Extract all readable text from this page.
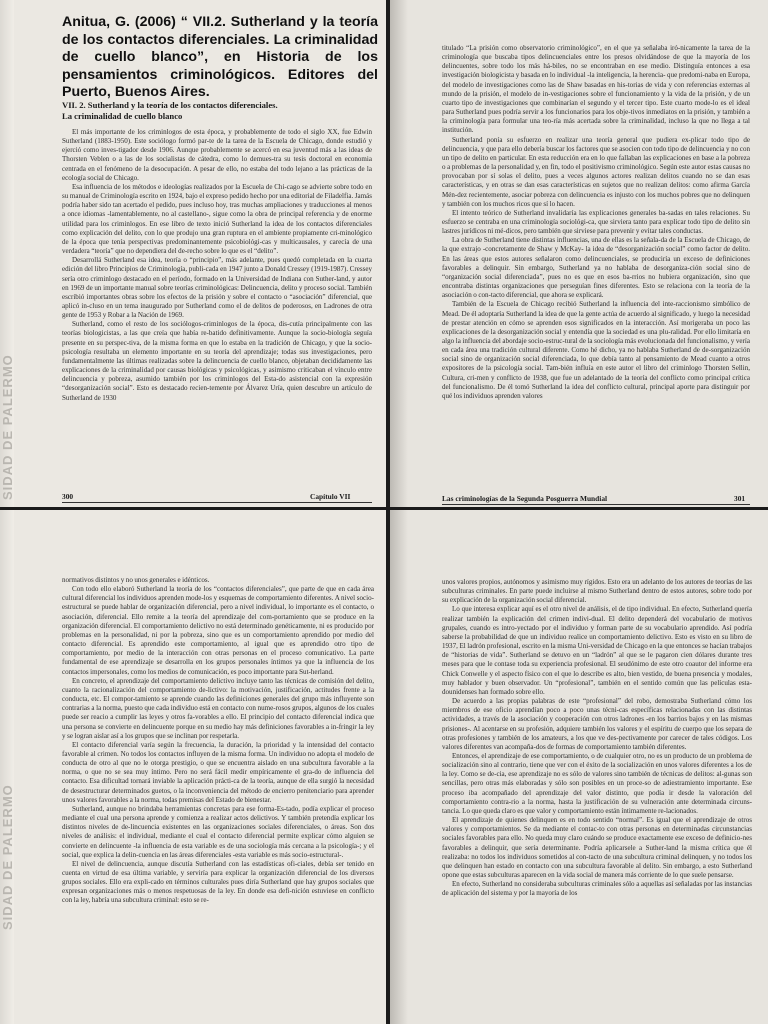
SIDAD DE PALERMO
Anitua, G. (2006) “ VII.2. Sutherland y la teoría de los contactos diferenciales. La criminalidad de cuello blanco”, en Historia de los pensamientos criminológicos. Editores del Puerto, Buenos Aires.
VII. 2. Sutherland y la teoría de los contactos diferenciales.
La criminalidad de cuello blanco

El más importante de los criminlogos de esta época, y probablemente de todo el siglo XX, fue Edwin Sutherland (1883-1950). Este sociólogo formó par-te de la tarea de la Escuela de Chicago, donde estudió y ejerció como inves-tigador desde 1906. Aunque probablemente se acercó en esa juventud más a las ideas de Thorsten Veblen o a las de los socialistas de cátedra, como lo demues-tra su tesis doctoral en economia centrada en el fenómeno de la desocupación. A pesar de ello, no estaba del todo lejano a las prácticas de la ecología social de Chicago.

Esa influencia de los métodos e ideologías realizados por la Escuela de Chi-cago se advierte sobre todo en su manual de Criminología escrito en 1924, bajo el expreso pedido hecho por una editorial de Filadelfia. Jamás podría haber sido tan acertado el pedido, pues incluso hoy, tras muchas ampliaciones y traducciones al menos a once idiomas -lamentablemente, no al castellano-, sigue como la obra de principal referencia y de enorme utilidad para los criminlogos. En ese libro de texto inició Sutherland la idea de los contactos diferenciales como explicación del delito, con lo que produjo una gran ruptura en el ambiente propiamente cri-minológico de la época que tenía perspectivas predominantemente psicobiológi-cas y multicausales, y carecía de una verdadera “teoría” que no dependiera del de-recho sobre lo que es el “delito”.

Desarrollá Sutherland esa idea, teoría o “principio”, más adelante, pues quedó completada en la cuarta edición del libro Principios de Criminología, publi-cada en 1947 junto a Donald Cressey (1919-1987). Cressey sería otro criminlogo destacado en el período, formado en la Universidad de Indiana con Suther-land, y autor en 1969 de un importante manual sobre teorías criminológicas: Delincuencia, delito y proceso social. También escribió importantes obras sobre los efectos de la prisión y sobre el contacto o “asociación” diferencial, que aplicó in-cluso en un tema inaugurado por Sutherland como el de delitos de poderosos, en Ladrones de otra gente de 1953 y Robar a la Nación de 1969.

Sutherland, como el resto de los sociólogos-criminlogos de la época, dis-cutía principalmente con las teorías biologicistas, a las que creía que había re-batido definitivamente. Aunque la socio-biología seguía presente en su perspec-tiva, de la misma forma en que lo estaba en la tradición de Chicago, y que la socio-psicología resultaba un elemento importante en su teoría del aprendizaje; todas sus investigaciones, pero fundamentalmente las últimas realizadas sobre la delincuencia de cuello blanco, objetaban decididamente las explicaciones de la criminalidad por causas biológicas y psicológicas, y asimismo criticaban el vínculo entre delincuencia y pobreza, asumido también por los criminlogos del Esta-do asistencial con la expresión “desorganización social”. Esto es destacado recien-temente por Álvarez Uría, quien descubre un artículo de Sutherland de 1930

300	Capítulo VII

titulado “La prisión como observatorio criminológico”, en el que ya señalaba iró-nicamente la tarea de la criminología que buscaba tipos delincuenciales entre los presos olvidándose de que la mayoría de los delincuentes, sobre todo los más há-biles, no se encontraban en ese medio. Distinguía entonces a esa investigación biologicista y basada en lo individual -la inteligencia, la herencia- que predomi-naba en Europa, del modelo de investigaciones como las de Shaw basadas en his-torias de vida y con referencias externas al mundo de la prisión, el modelo de in-vestigaciones sobre el funcionamiento y la vida de la prisión, y de un cuarto tipo de investigaciones que combinarían el segundo y el tercer tipo. Este cuarto mode-lo es el ideal para Sutherland pues podría servir a los funcionarios para los obje-tivos inmediatos en la prisión, y también a la criminología para formular una teo-ría más acertada sobre la criminalidad, incluso la que no llega a tal institución.

Sutherland ponía su esfuerzo en realizar una teoría general que pudiera ex-plicar todo tipo de delincuencia, y que para ello debería buscar los factores que se asocien con todo tipo de delincuencia y no con un tipo de delito en particular. En esta reducción era en lo que fallaban las explicaciones en base a la pobreza o a problemas de la personalidad y, en fin, todo el positivismo criminológico. Según este autor estas causas no provocaban por sí solas el delito, pues a veces algunos actores realizan delitos cuando no se dan esas características, y en otras se dan esas características en sujetos que no realizan delitos: como afirma García Mén-dez recientemente, asociar pobreza con delincuencia es injusto con los muchos pobres que no delinquen y también con los muchos ricos que sí lo hacen.

El intento teórico de Sutherland invalidaría las explicaciones generales ba-sadas en tales relaciones. Su esfuerzo se centraba en una criminología sociológi-ca, que sirviera tanto para explicar todo tipo de delito sin lastres jurídicos ni mé-dicos, pero también que sirviese para prevenir y evitar tales conductas.

La obra de Sutherland tiene distintas influencias, una de ellas es la señala-da de la Escuela de Chicago, de la que extrajo -concretamente de Shaw y McKay- la idea de “desorganización social” como factor de delito. En las áreas que estos autores señalaron como delincuenciales, se produciría un exceso de definiciones favorables a delinquir. Sin embargo, Sutherland ya no hablaba de desorganiza-ción social sino de “organización social diferenciada”, pues no es que en esos ba-rrios no hubiera organización, sino que encontraba distintas organizaciones que perseguían fines diferentes. Esto se relaciona con la teoría de la asociación o con-tacto diferencial, que ahora se explicará.

También de la Escuela de Chicago recibió Sutherland la influencia del inte-raccionismo simbólico de Mead. De él adoptaría Sutherland la idea de que la gente actúa de acuerdo al significado, y luego la necesidad de prestar atención en cómo se aprenden esos significados en la interacción. Así morigeraba un poco las explicaciones de la desorganización social y entendía que la sociedad es una plu-ralidad. Por ello limitaría en algo la influencia del abordaje socio-estruc-tural de la sociología más evolucionada del funcionalismo, y vería en cada área una tradición cultural diferente. Como hé dicho, ya no hablaba Sutherland de de-sorganización social sino de organización social diferenciada, lo que debía tanto al pensamiento de Mead cuanto a otros expositores de la psicología social. Tam-bién influía en este autor el libro del criminlogo Thorsten Sellin, Cultura, cri-men y conflicto de 1938, que fue un adelantado de la teoría del conflicto como principal crítica del funcionalismo. De él tomó Sutherland la idea del conflicto cultural, principal aporte para distinguir por qué los individuos aprenden valores

Las criminologías de la Segunda Posguerra Mundial	301
SIDAD DE PALERMO

normativos distintos y no unos generales e idénticos.

Con todo ello elaboró Sutherland la teoría de los “contactos diferenciales”, que parte de que en cada área cultural diferencial los individuos aprenden mode-los y esquemas de comportamiento diferentes. A nivel socio-estructural se puede hablar de organización diferencial, pero a nivel individual, lo importante es el contacto, o asociación, diferencial. Ello remite a la teoría del aprendizaje del com-portamiento que se produce en la organización diferencial. El comportamiento delictivo no está determinado genéticamente, ni es producido por problemas en la personalidad, ni por la pobreza, sino que es un comportamiento aprendido por medio del contacto diferencial. Es aprendido este comportamiento, al igual que es aprendido otro tipo de comportamiento, por medio de la interacción con otras personas en el proceso comunicativo. La parte fundamental de ese aprendizaje se desarrolla en los grupos personales íntimos ya que la influencia de los contactos impersonales, como los medios de comunicación, es poco importante para Sut-herland.

En concreto, el aprendizaje del comportamiento delictivo incluye tanto las técnicas de comisión del delito, cuanto la racionalización del comportamiento de-lictivo: la motivación, justificación, actitudes frente a la conducta, etc. El compor-tamiento se aprende cuando las definiciones generales del grupo más influyente son contrarias a la norma, puesto que cada individuo está en contacto con nume-rosos grupos, algunos de los cuales puede ser reacio a cumplir las leyes y otros fa-vorables a ello. El principio del contacto diferencial indica que una persona se convierte en delincuente porque en su medio hay más definiciones favorables a in-fringir la ley y se logran aislar así a los grupos que se inclinan por respetarla.

El contacto diferencial varía según la frecuencia, la duración, la prioridad y la intensidad del contacto favorable al crimen. No todos los contactos influyen de la misma forma. Un individuo no adopta el modelo de conducta de otro al que no le otorga prestigio, o que se encuentra aislado en una subcultura favorable a la norma, o que no se sea muy íntimo. Pero no será fácil medir empíricamente el gra-do de influencia del contacto. Esa dificultad tornará inviable la aplicación prácti-ca de la teoría, aunque de ella surgió la necesidad de desestructurar determinados guetos, o la inconveniencia del método de encierro penitenciario para aprender unos valores favorables a la norma, todas premisas del Estado de bienestar.

Sutherland, aunque no brindaba herramientas concretas para ese forma-Es-tado, podía explicar el proceso mediante el cual una persona aprende y comienza a realizar actos delictivos. Y también pretendía explicar los distintos niveles de de-lincuencia existentes en las organizaciones sociales diferenciales, o áreas. Son dos niveles de análisis: el individual, mediante el cual el contacto diferencial permite explicar cómo alguien se convierte en delincuente -la influencia de esta variable es de una sociología más cercana a la psicología-; y el social, que explica la delin-cuencia en las áreas diferenciales -esta variable es más socio-estructural-.

El nivel de delincuencia, aunque discutía Sutherland con las estadísticas ofi-ciales, debía ser tenido en cuenta en virtud de esa última variable, y serviría para explicar la organización diferencial de los diversos grupos sociales. Ello era expli-cado en términos culturales pues diría Sutherland que hay grupos sociales que expresan organizaciones más o menos respetuosas de la ley. En donde esa defi-nición estuviese en conflicto con la ley, habría una subcultura criminal: esto se re-

unos valores propios, autónomos y asimismo muy rígidos. Esto era un adelanto de los autores de teorías de las subculturas criminales. En parte puede incluirse al mismo Sutherland dentro de estos autores, sobre todo por su explicación de la organización social diferencial.

Lo que interesa explicar aquí es el otro nivel de análisis, el de tipo individual. En efecto, Sutherland quería realizar también la explicación del crimen indivi-dual. El delito dependerá del vocabulario de motivos grupales, cuando es intro-yectado por el individuo y forman parte de su vocabulario aprendido. Así podría saberse la probabilidad de que un individuo realice un comportamiento delictivo. Esto es visto en su libro de 1937, El ladrón profesional, escrito en la misma Uni-versidad de Chicago en la que entonces se hacían trabajos de “historias de vida”. Sutherland se detuvo en un “ladrón” al que se le pagaron cien dólares durante tres meses para que le contase toda su experiencia profesional. El seudónimo de este otro coautor del informe era Chick Conwelle y el aspecto físico con el que lo describe es alto, bien vestido, de buena presencia y modales, muy hablador y buen observador. Un “profesional”, también en el sentido común que las películas esta-dounidenses han formado sobre ello.

De acuerdo a las propias palabras de este “profesional” del robo, demostraba Sutherland cómo los miembros de ese oficio aprendían poco a poco unas técni-cas específicas relacionadas con las distintas actividades, a través de la asociación y cooperación con otros ladrones -en los barrios bajos y en las mismas prisiones-. Al acentarse en su profesión, adquiere también los valores y el espíritu de cuerpo que los separa de otras profesiones y también de los amateurs, a los que ve des-pectivamente por carecer de tales códigos. Los valores diferentes van acompaña-dos de formas de comportamiento también diferentes.

Entonces, el aprendizaje de ese comportamiento, o de cualquier otro, no es un producto de un problema de socialización sino al contrario, tiene que ver con el éxito de la socialización en unos valores diferentes a los de la ley. Como se de-cia, ese aprendizaje no es sólo de valores sino también de técnicas de delitos: al-gunas son sencillas, pero otras más elaboradas y sólo son posibles en un proce-so de adiestramiento importante. Ese proceso iba acompañado del aprendizaje del valor distinto, que podía ir desde la valoración del comportamiento contra-rio a la norma, hasta la justificación de su vulneración ante determinada circuns-tancia. Lo que queda claro es que valor y comportamiento están íntimamente re-lacionados.

El aprendizaje de quienes delinquen es en todo sentido “normal”. Es igual que el aprendizaje de otros valores y comportamientos. Se da mediante el contac-to con otras personas en determinadas circunstancias sociales favorables para ello. No queda muy claro cuándo se produce exactamente ese exceso de definicio-nes favorables a delinquir, que sería determinante. Podría aplicarsele a Suther-land la misma crítica que él realizaba: no todos los individuos sometidos al con-tacto de una subcultura criminal delinquen, y no todos los que delinquen han estado en contacto con una subcultura favorable al delito. Sin embargo, a esto Sutherland opone que estas subculturas aparecen en la vida social de manera más corriente de lo que suele pensarse.

En efecto, Sutherland no consideraba subculturas criminales sólo a aquellas así señaladas por las instancias de aplicación del sistema y por la mayoría de los
